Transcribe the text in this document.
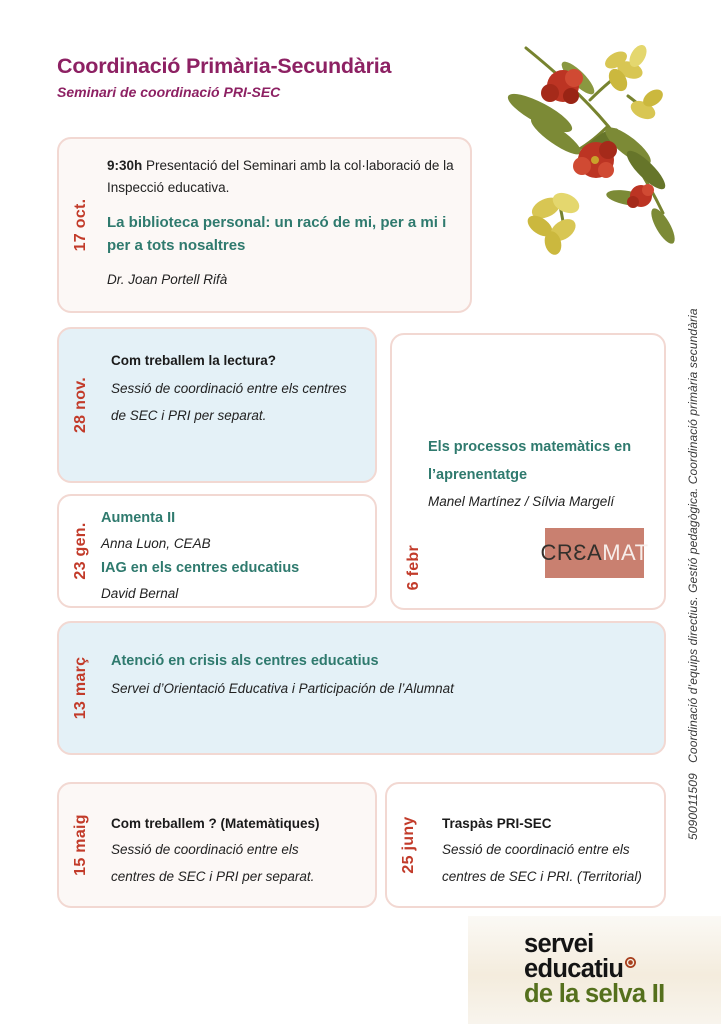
Coordinació Primària-Secundària
Seminari de coordinació PRI-SEC
17 oct.
9:30h Presentació del Seminari amb la col·laboració de la Inspecció educativa.
La biblioteca personal: un racó de mi, per a mi i per a tots nosaltres
Dr. Joan Portell Rifà
28 nov.
Com treballem la lectura?
Sessió de coordinació entre els centres de SEC i PRI per separat.
6 febr
Els processos matemàtics en l’aprenentatge
Manel Martínez / Sílvia Margelí
CRƐA MAT
23 gen.
Aumenta II
Anna Luon, CEAB
IAG en els centres educatius
David Bernal
13 març Atenció en crisis als centres educatius
Servei d’Orientació Educativa i Participación de l’Alumnat
15 maig Com treballem ? (Matemàtiques)
Sessió de coordinació entre els centres de SEC i PRI per separat.
25 juny Traspàs PRI-SEC
Sessió de coordinació entre els centres de SEC i PRI. (Territorial)
5090011509   Coordinació d’equips directius. Gestió pedagògica. Coordinació primària secundària
servei
educatiu
de la selva II
